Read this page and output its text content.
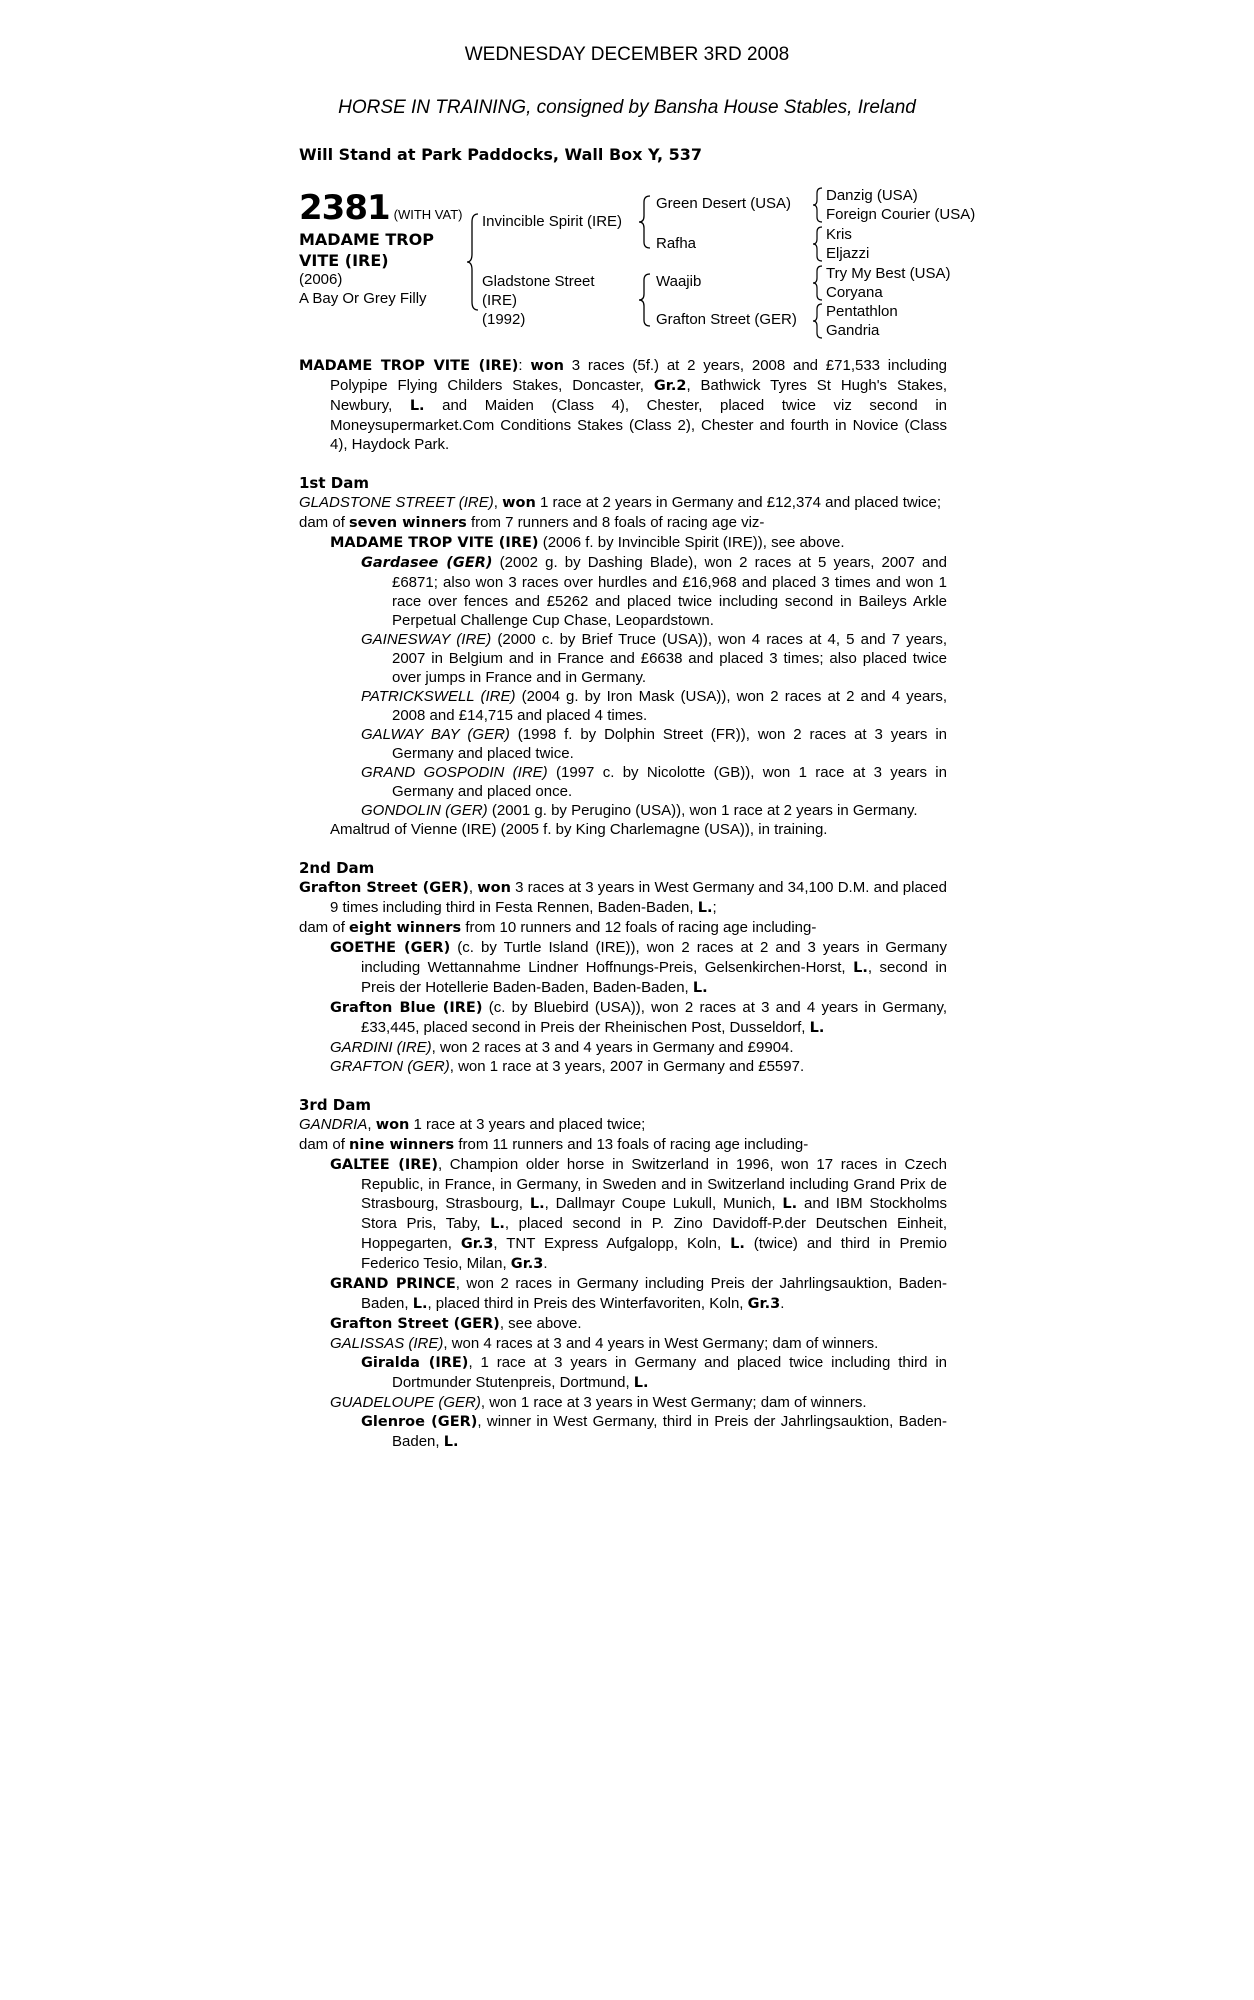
WEDNESDAY DECEMBER 3RD 2008
HORSE IN TRAINING, consigned by Bansha House Stables, Ireland
Will Stand at Park Paddocks, Wall Box Y, 537
2381 (WITH VAT)
MADAME TROP
VITE (IRE)
(2006)
A Bay Or Grey Filly
Invincible Spirit (IRE)
Gladstone Street
(IRE)
(1992)
Green Desert (USA)
Rafha
Waajib
Grafton Street (GER)
Danzig (USA)
Foreign Courier (USA)
Kris
Eljazzi
Try My Best (USA)
Coryana
Pentathlon
Gandria

MADAME TROP VITE (IRE): won 3 races (5f.) at 2 years, 2008 and £71,533 including Polypipe Flying Childers Stakes, Doncaster, Gr.2, Bathwick Tyres St Hugh's Stakes, Newbury, L. and Maiden (Class 4), Chester, placed twice viz second in Moneysupermarket.Com Conditions Stakes (Class 2), Chester and fourth in Novice (Class 4), Haydock Park.

1st Dam

GLADSTONE STREET (IRE), won 1 race at 2 years in Germany and £12,374 and placed twice;

dam of seven winners from 7 runners and 8 foals of racing age viz-

MADAME TROP VITE (IRE) (2006 f. by Invincible Spirit (IRE)), see above.

Gardasee (GER) (2002 g. by Dashing Blade), won 2 races at 5 years, 2007 and £6871; also won 3 races over hurdles and £16,968 and placed 3 times and won 1 race over fences and £5262 and placed twice including second in Baileys Arkle Perpetual Challenge Cup Chase, Leopardstown.

GAINESWAY (IRE) (2000 c. by Brief Truce (USA)), won 4 races at 4, 5 and 7 years, 2007 in Belgium and in France and £6638 and placed 3 times; also placed twice over jumps in France and in Germany.

PATRICKSWELL (IRE) (2004 g. by Iron Mask (USA)), won 2 races at 2 and 4 years, 2008 and £14,715 and placed 4 times.

GALWAY BAY (GER) (1998 f. by Dolphin Street (FR)), won 2 races at 3 years in Germany and placed twice.

GRAND GOSPODIN (IRE) (1997 c. by Nicolotte (GB)), won 1 race at 3 years in Germany and placed once.

GONDOLIN (GER) (2001 g. by Perugino (USA)), won 1 race at 2 years in Germany.

Amaltrud of Vienne (IRE) (2005 f. by King Charlemagne (USA)), in training.

2nd Dam

Grafton Street (GER), won 3 races at 3 years in West Germany and 34,100 D.M. and placed 9 times including third in Festa Rennen, Baden-Baden, L.;

dam of eight winners from 10 runners and 12 foals of racing age including-

GOETHE (GER) (c. by Turtle Island (IRE)), won 2 races at 2 and 3 years in Germany including Wettannahme Lindner Hoffnungs-Preis, Gelsenkirchen-Horst, L., second in Preis der Hotellerie Baden-Baden, Baden-Baden, L.

Grafton Blue (IRE) (c. by Bluebird (USA)), won 2 races at 3 and 4 years in Germany, £33,445, placed second in Preis der Rheinischen Post, Dusseldorf, L.

GARDINI (IRE), won 2 races at 3 and 4 years in Germany and £9904.

GRAFTON (GER), won 1 race at 3 years, 2007 in Germany and £5597.

3rd Dam

GANDRIA, won 1 race at 3 years and placed twice;

dam of nine winners from 11 runners and 13 foals of racing age including-

GALTEE (IRE), Champion older horse in Switzerland in 1996, won 17 races in Czech Republic, in France, in Germany, in Sweden and in Switzerland including Grand Prix de Strasbourg, Strasbourg, L., Dallmayr Coupe Lukull, Munich, L. and IBM Stockholms Stora Pris, Taby, L., placed second in P. Zino Davidoff-P.der Deutschen Einheit, Hoppegarten, Gr.3, TNT Express Aufgalopp, Koln, L. (twice) and third in Premio Federico Tesio, Milan, Gr.3.

GRAND PRINCE, won 2 races in Germany including Preis der Jahrlingsauktion, Baden-Baden, L., placed third in Preis des Winterfavoriten, Koln, Gr.3.

Grafton Street (GER), see above.

GALISSAS (IRE), won 4 races at 3 and 4 years in West Germany; dam of winners.

Giralda (IRE), 1 race at 3 years in Germany and placed twice including third in Dortmunder Stutenpreis, Dortmund, L.

GUADELOUPE (GER), won 1 race at 3 years in West Germany; dam of winners.

Glenroe (GER), winner in West Germany, third in Preis der Jahrlingsauktion, Baden-Baden, L.
